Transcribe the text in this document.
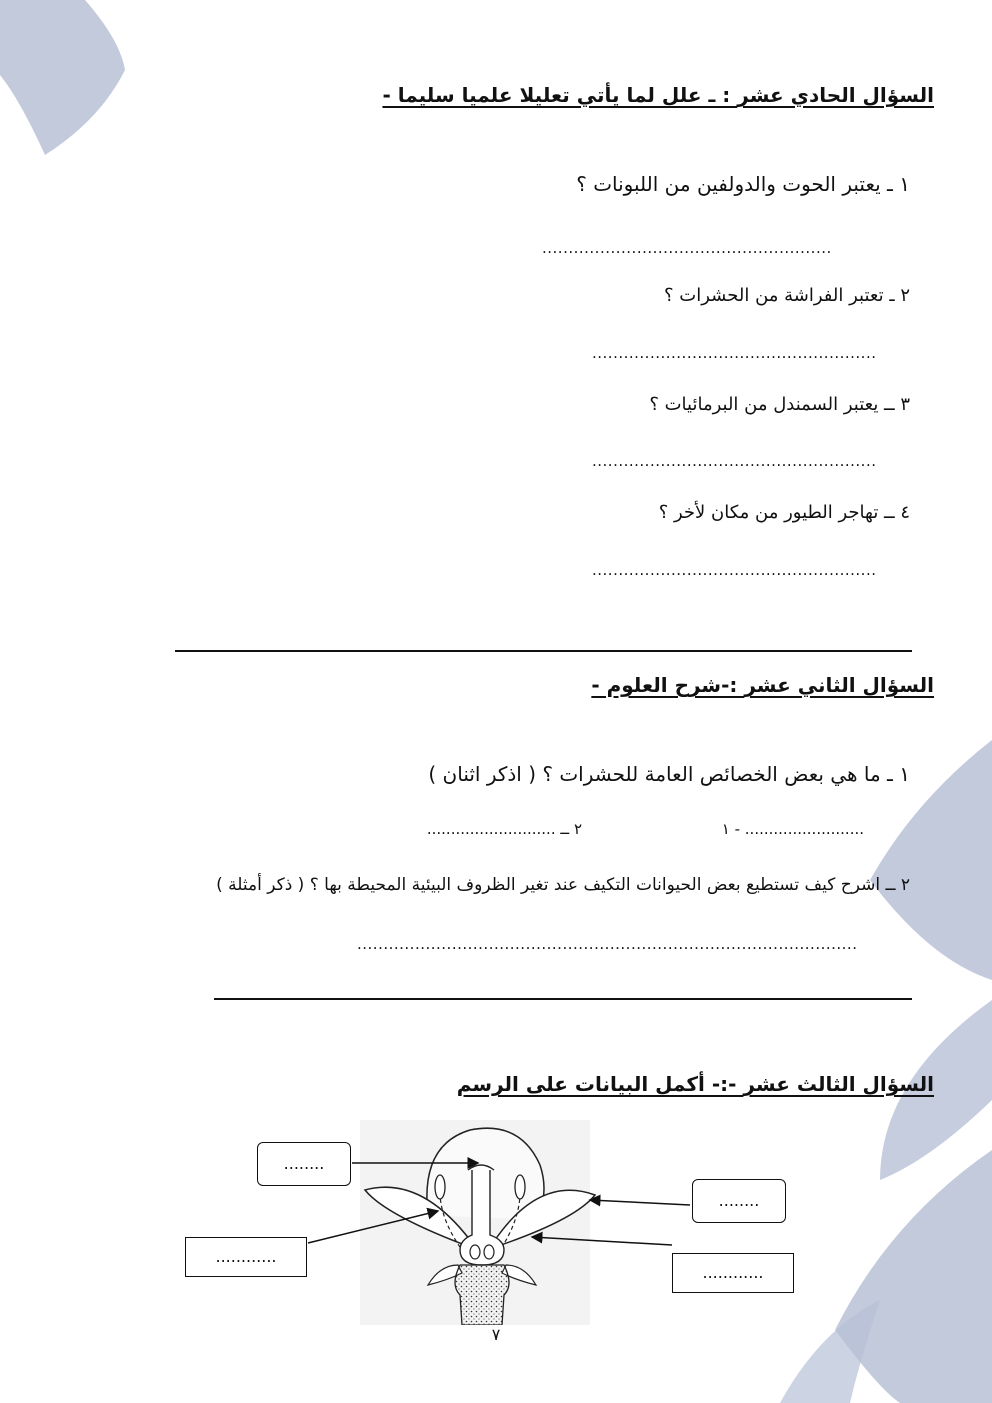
السؤال الحادي عشر : ـ علل لما يأتي تعليلا علميا سليما -
١ ـ يعتبر الحوت والدولفين من اللبونات ؟
.......................................................
٢ ـ تعتبر الفراشة من الحشرات ؟
......................................................
٣ ــ يعتبر السمندل من البرمائيات ؟
......................................................
٤ ــ تهاجر الطيور من مكان لأخر ؟
......................................................
السؤال الثاني عشر :-شرح العلوم -
١ ـ ما هي بعض الخصائص العامة للحشرات ؟ ( اذكر اثنان )
١ - .........................
٢ ــ ...........................
٢ ــ اشرح كيف تستطيع بعض الحيوانات التكيف عند تغير الظروف البيئية المحيطة بها ؟ ( ذكر أمثلة )
...............................................................................................
السؤال الثالث عشر -:- أكمل البيانات على الرسم
........
........
............
............
٧
